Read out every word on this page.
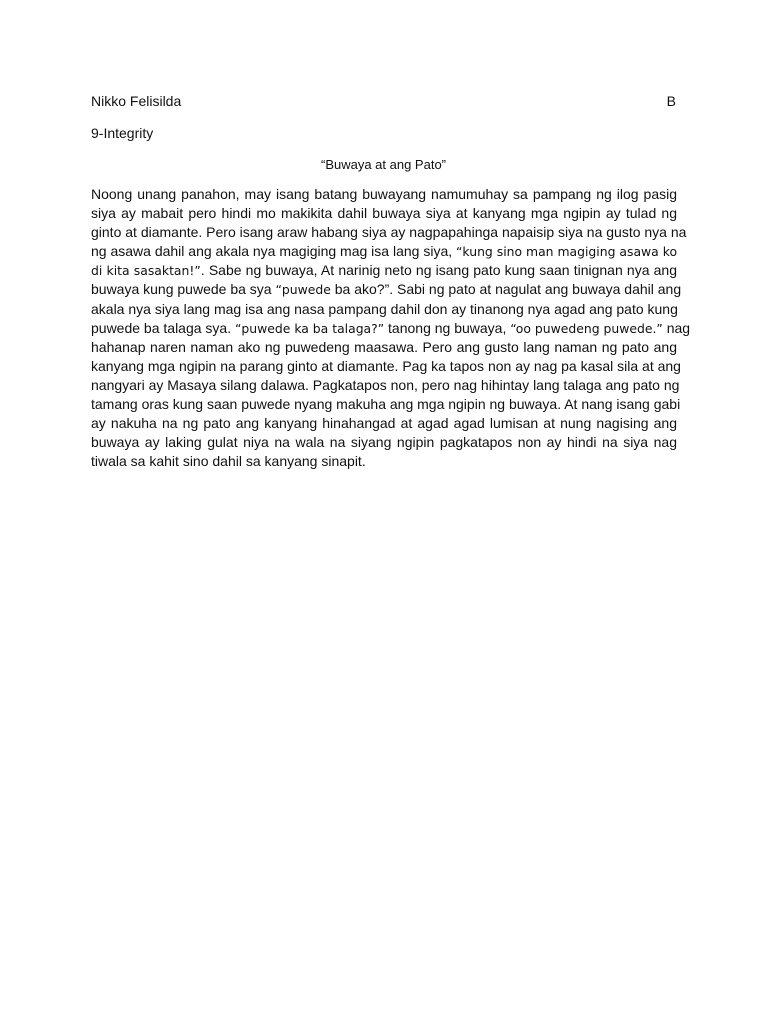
Nikko Felisilda	B
9-Integrity
“Buwaya at ang Pato”
Noong unang panahon, may isang batang buwayang namumuhay sa pampang ng ilog pasig
siya ay mabait pero hindi mo makikita dahil buwaya siya at kanyang mga ngipin ay tulad ng
ginto at diamante. Pero isang araw habang siya ay nagpapahinga napaisip siya na gusto nya na
ng asawa dahil ang akala nya magiging mag isa lang siya, “kung sino man magiging asawa ko
di kita sasaktan!”. Sabe ng buwaya, At narinig neto ng isang pato kung saan tinignan nya ang
buwaya kung puwede ba sya “puwede ba ako?”. Sabi ng pato at nagulat ang buwaya dahil ang
akala nya siya lang mag isa ang nasa pampang dahil don ay tinanong nya agad ang pato kung
puwede ba talaga sya. “puwede ka ba talaga?” tanong ng buwaya, “oo puwedeng puwede.” nag
hahanap naren naman ako ng puwedeng maasawa. Pero ang gusto lang naman ng pato ang
kanyang mga ngipin na parang ginto at diamante. Pag ka tapos non ay nag pa kasal sila at ang
nangyari ay Masaya silang dalawa. Pagkatapos non, pero nag hihintay lang talaga ang pato ng
tamang oras kung saan puwede nyang makuha ang mga ngipin ng buwaya. At nang isang gabi
ay nakuha na ng pato ang kanyang hinahangad at agad agad lumisan at nung nagising ang
buwaya ay laking gulat niya na wala na siyang ngipin pagkatapos non ay hindi na siya nag
tiwala sa kahit sino dahil sa kanyang sinapit.
